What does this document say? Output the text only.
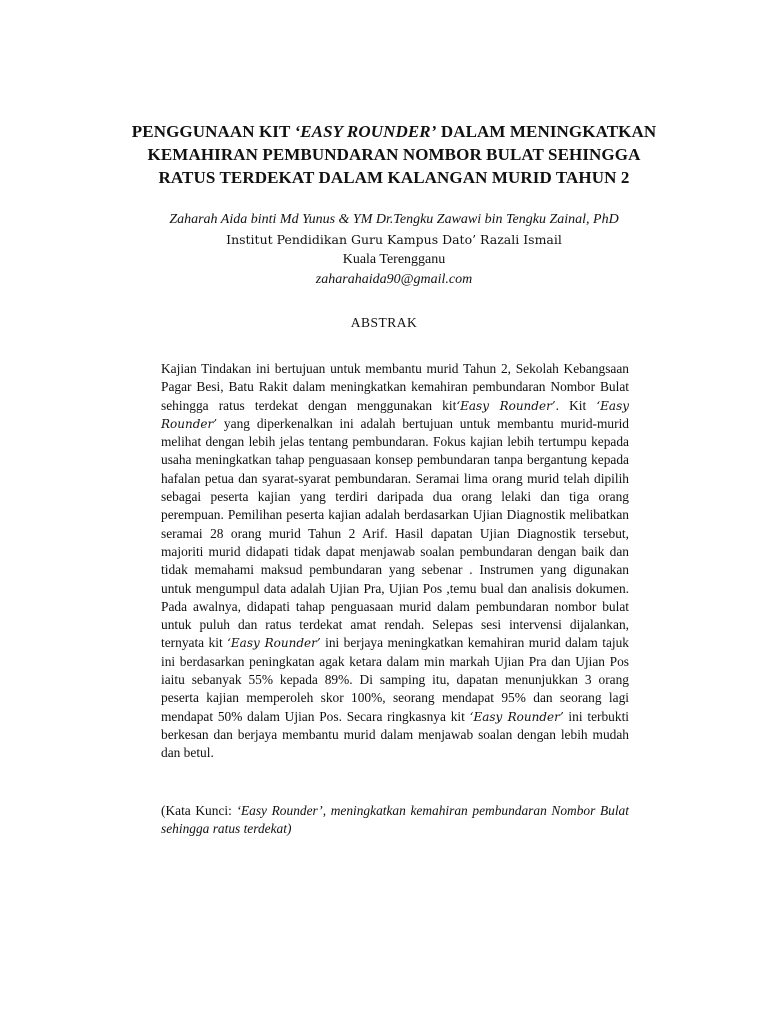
PENGGUNAAN KIT ‘EASY ROUNDER’ DALAM MENINGKATKAN
KEMAHIRAN PEMBUNDARAN NOMBOR BULAT SEHINGGA
RATUS TERDEKAT DALAM KALANGAN MURID TAHUN 2
Zaharah Aida binti Md Yunus & YM Dr.Tengku Zawawi bin Tengku Zainal, PhD
Institut Pendidikan Guru Kampus Dato’ Razali Ismail
Kuala Terengganu
zaharahaida90@gmail.com
ABSTRAK
Kajian Tindakan ini bertujuan untuk membantu murid Tahun 2, Sekolah Kebangsaan Pagar Besi, Batu Rakit dalam meningkatkan kemahiran pembundaran Nombor Bulat sehingga ratus terdekat dengan menggunakan kit‘Easy Rounder’. Kit ‘Easy Rounder’ yang diperkenalkan ini adalah bertujuan untuk membantu murid-murid melihat dengan lebih jelas tentang pembundaran. Fokus kajian lebih tertumpu kepada usaha meningkatkan tahap penguasaan konsep pembundaran tanpa bergantung kepada hafalan petua dan syarat-syarat pembundaran. Seramai lima orang murid telah dipilih sebagai peserta kajian yang terdiri daripada dua orang lelaki dan tiga orang perempuan. Pemilihan peserta kajian adalah berdasarkan Ujian Diagnostik melibatkan seramai 28 orang murid Tahun 2 Arif. Hasil dapatan Ujian Diagnostik tersebut, majoriti murid didapati tidak dapat menjawab soalan pembundaran dengan baik dan tidak memahami maksud pembundaran yang sebenar . Instrumen yang digunakan untuk mengumpul data adalah Ujian Pra, Ujian Pos ,temu bual dan analisis dokumen. Pada awalnya, didapati tahap penguasaan murid dalam pembundaran nombor bulat untuk puluh dan ratus terdekat amat rendah. Selepas sesi intervensi dijalankan, ternyata kit ‘Easy Rounder’ ini berjaya meningkatkan kemahiran murid dalam tajuk ini berdasarkan peningkatan agak ketara dalam min markah Ujian Pra dan Ujian Pos iaitu sebanyak 55% kepada 89%. Di samping itu, dapatan menunjukkan 3 orang peserta kajian memperoleh skor 100%, seorang mendapat 95% dan seorang lagi mendapat 50% dalam Ujian Pos. Secara ringkasnya kit ‘Easy Rounder’ ini terbukti berkesan dan berjaya membantu murid dalam menjawab soalan dengan lebih mudah dan betul.
(Kata Kunci: ‘Easy Rounder’, meningkatkan kemahiran pembundaran Nombor Bulat sehingga ratus terdekat)
